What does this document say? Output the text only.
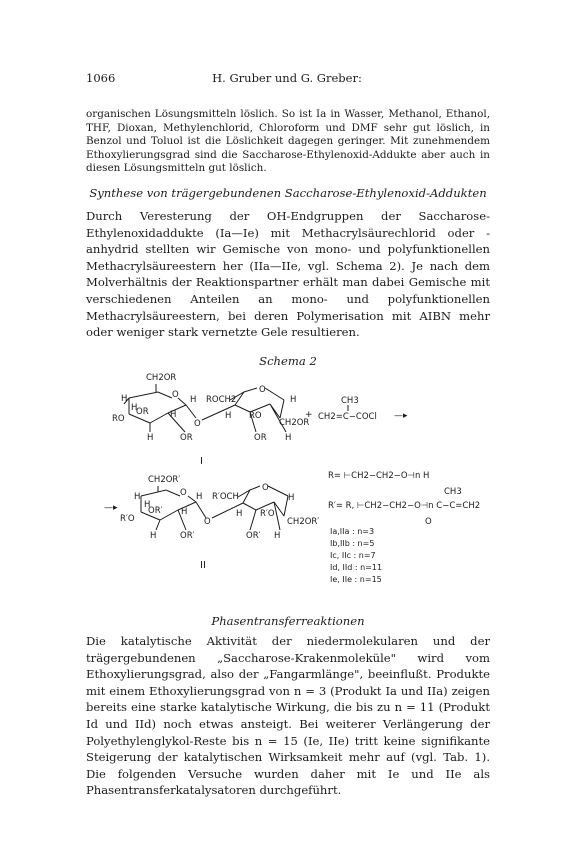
1066	H. Gruber und G. Greber:
organischen Lösungsmitteln löslich. So ist Ia in Wasser, Methanol, Ethanol, THF, Dioxan, Methylenchlorid, Chloroform und DMF sehr gut löslich, in Benzol und Toluol ist die Löslichkeit dagegen geringer. Mit zunehmendem Ethoxylierungsgrad sind die Saccharose-Ethylenoxid-Addukte aber auch in diesen Lösungsmitteln gut löslich.
Synthese von trägergebundenen Saccharose-Ethylenoxid-Addukten
Durch Veresterung der OH-Endgruppen der Saccharose-Ethylenoxidaddukte (Ia—Ie) mit Methacrylsäurechlorid oder -anhydrid stellten wir Gemische von mono- und polyfunktionellen Methacrylsäureestern her (IIa—IIe, vgl. Schema 2). Je nach dem Molverhältnis der Reaktionspartner erhält man dabei Gemische mit verschiedenen Anteilen an mono- und polyfunktionellen Methacrylsäureestern, bei deren Polymerisation mit AIBN mehr oder weniger stark vernetzte Gele resultieren.
Schema 2
CH2OR
H
H
O H ROCH2
O
H
RO
OR	H	H RO
O	CH2OR
H	OR	OR H
+
CH3
CH2=C−COCl —▸
I
—▸
CH2OR′
H
H
O H R′OCH
O
H
R′O
OR′ H	H R′O
O	CH2OR′
H	OR′	OR′ H
II
R= ⊢CH2−CH2−O⊣n H
CH3
R′= R, ⊢CH2−CH2−O⊣n C−C=CH2
O
Ia,IIa : n=3
Ib,IIb : n=5
Ic, IIc : n=7
Id, IId : n=11
Ie, IIe : n=15
Phasentransferreaktionen
Die katalytische Aktivität der niedermolekularen und der trägergebundenen „Saccharose-Krakenmoleküle" wird vom Ethoxylierungsgrad, also der „Fangarmlänge", beeinflußt. Produkte mit einem Ethoxylierungsgrad von n = 3 (Produkt Ia und IIa) zeigen bereits eine starke katalytische Wirkung, die bis zu n = 11 (Produkt Id und IId) noch etwas ansteigt. Bei weiterer Verlängerung der Polyethylenglykol-Reste bis n = 15 (Ie, IIe) tritt keine signifikante Steigerung der katalytischen Wirksamkeit mehr auf (vgl. Tab. 1). Die folgenden Versuche wurden daher mit Ie und IIe als Phasentransferkatalysatoren durchgeführt.
